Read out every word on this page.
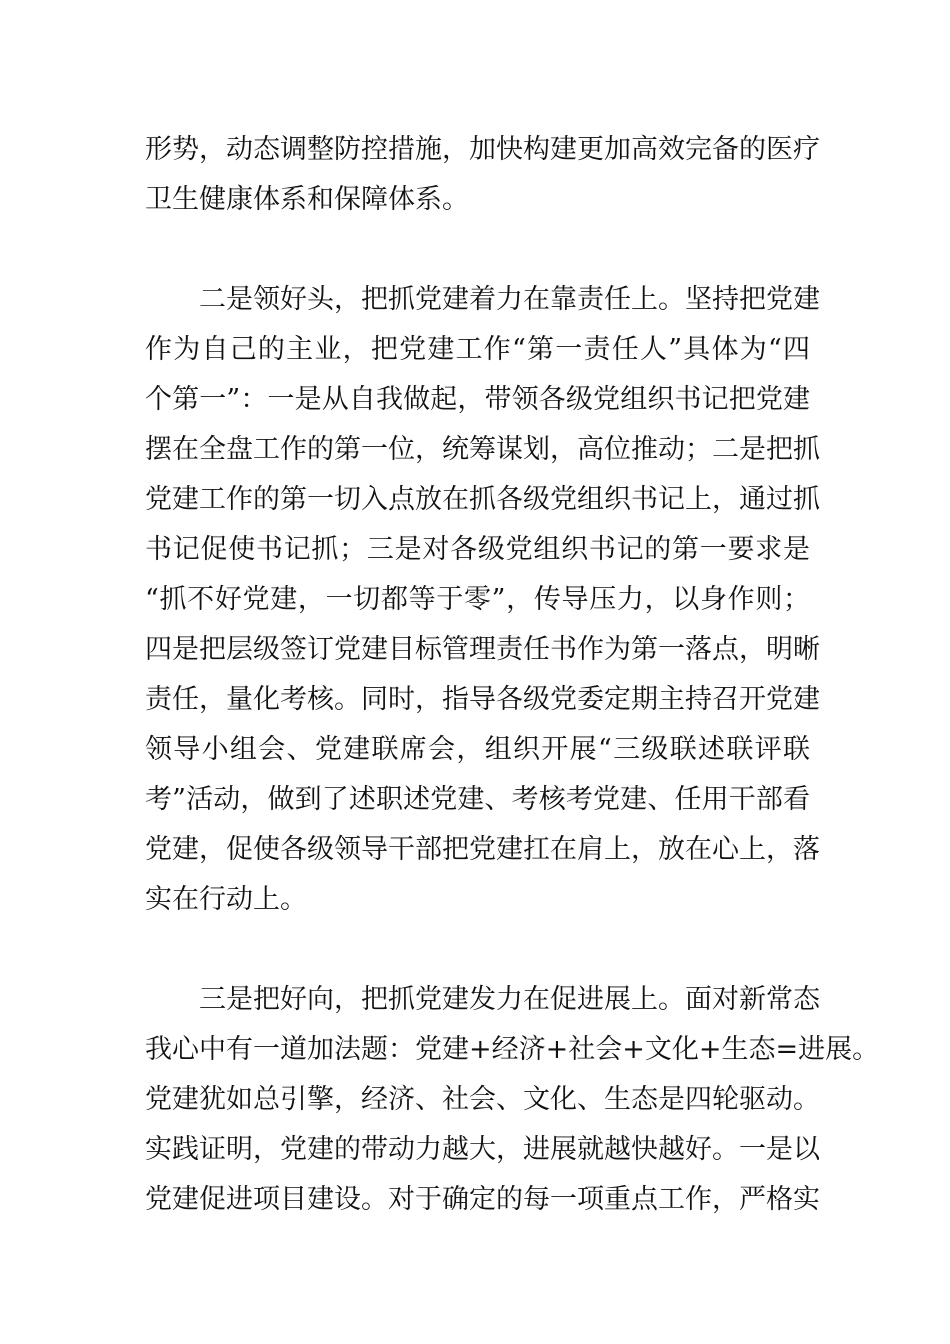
形势，动态调整防控措施，加快构建更加高效完备的医疗
卫生健康体系和保障体系。
二是领好头，把抓党建着力在靠责任上。坚持把党建
作为自己的主业，把党建工作“第一责任人”具体为“四
个第一”：一是从自我做起，带领各级党组织书记把党建
摆在全盘工作的第一位，统筹谋划，高位推动；二是把抓
党建工作的第一切入点放在抓各级党组织书记上，通过抓
书记促使书记抓；三是对各级党组织书记的第一要求是
“抓不好党建，一切都等于零”，传导压力，以身作则；
四是把层级签订党建目标管理责任书作为第一落点，明晰
责任，量化考核。同时，指导各级党委定期主持召开党建
领导小组会、党建联席会，组织开展“三级联述联评联
考”活动，做到了述职述党建、考核考党建、任用干部看
党建，促使各级领导干部把党建扛在肩上，放在心上，落
实在行动上。
三是把好向，把抓党建发力在促进展上。面对新常态
我心中有一道加法题：党建+经济+社会+文化+生态=进展。
党建犹如总引擎，经济、社会、文化、生态是四轮驱动。
实践证明，党建的带动力越大，进展就越快越好。一是以
党建促进项目建设。对于确定的每一项重点工作，严格实
